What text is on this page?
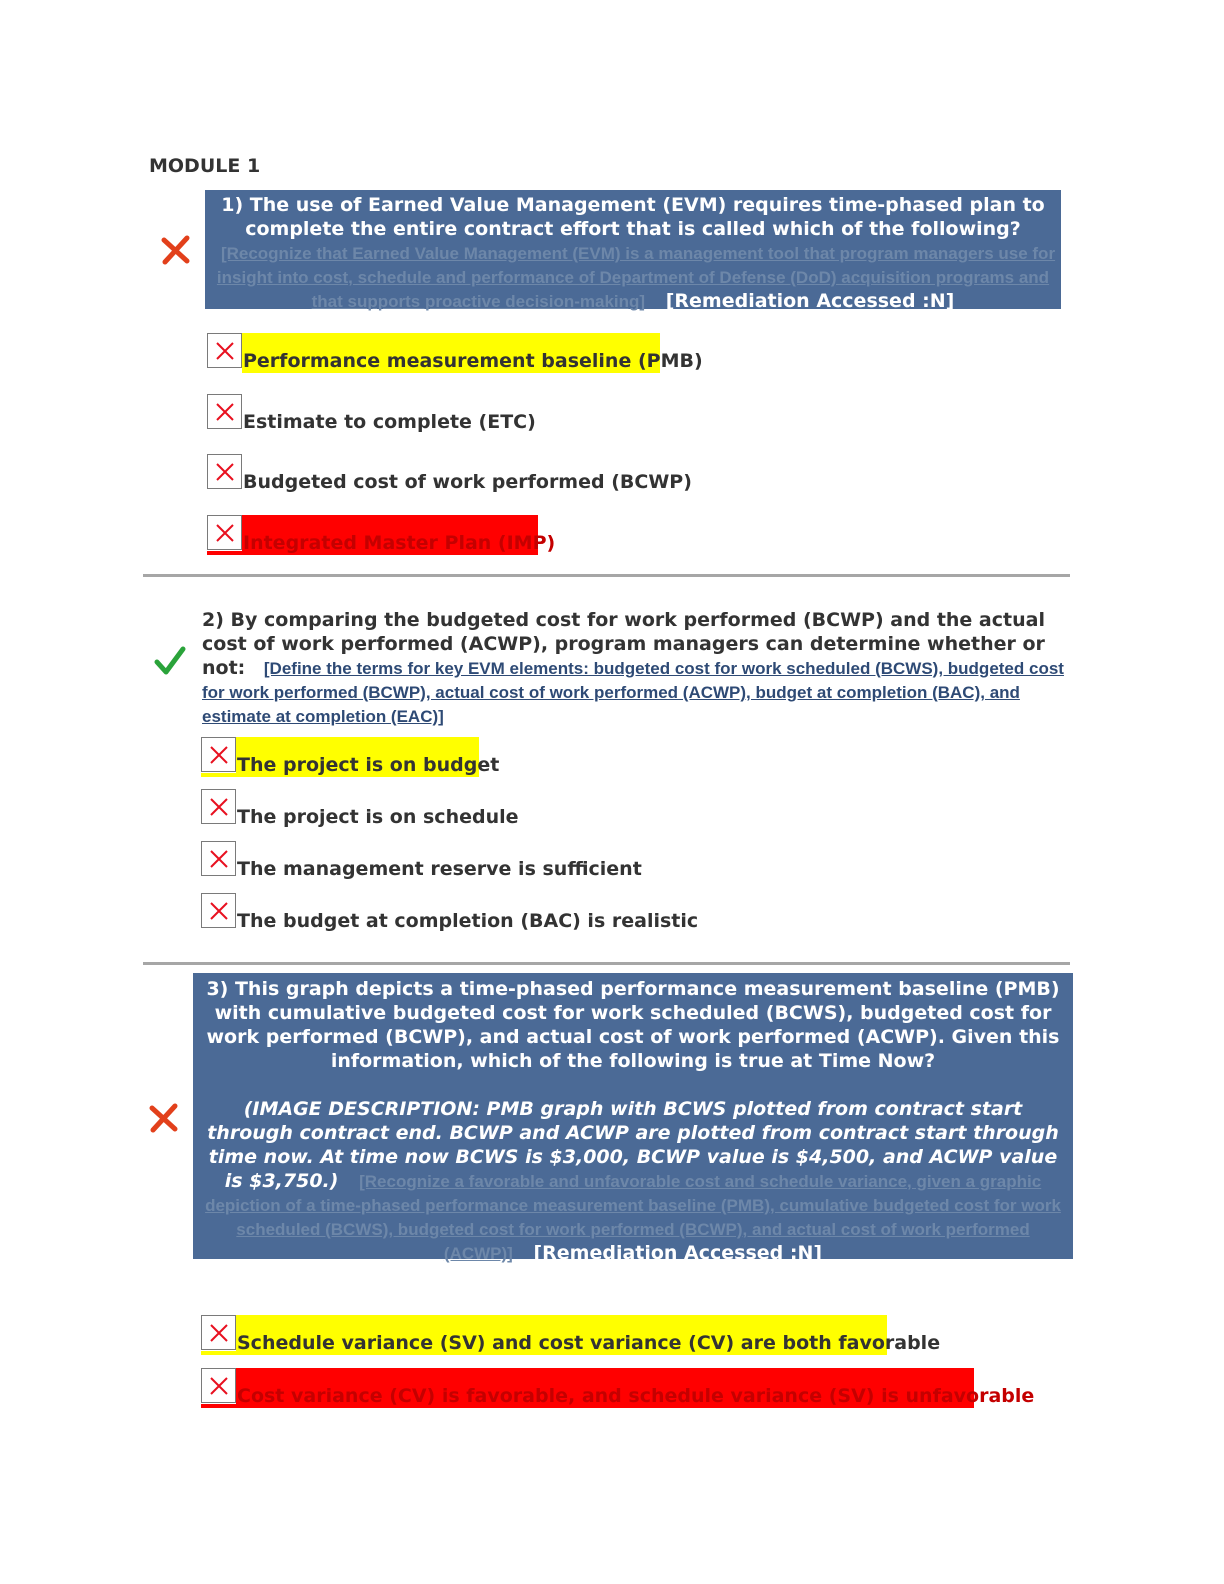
MODULE 1
1) The use of Earned Value Management (EVM) requires time-phased plan to complete the entire contract effort that is called which of the following? [Recognize that Earned Value Management (EVM) is a management tool that program managers use for insight into cost, schedule and performance of Department of Defense (DoD) acquisition programs and that supports proactive decision-making] [Remediation Accessed :N]
Performance measurement baseline (PMB)
Estimate to complete (ETC)
Budgeted cost of work performed (BCWP)
Integrated Master Plan (IMP)
2) By comparing the budgeted cost for work performed (BCWP) and the actual cost of work performed (ACWP), program managers can determine whether or not: [Define the terms for key EVM elements: budgeted cost for work scheduled (BCWS), budgeted cost for work performed (BCWP), actual cost of work performed (ACWP), budget at completion (BAC), and estimate at completion (EAC)]
The project is on budget
The project is on schedule
The management reserve is sufficient
The budget at completion (BAC) is realistic
3) This graph depicts a time-phased performance measurement baseline (PMB) with cumulative budgeted cost for work scheduled (BCWS), budgeted cost for work performed (BCWP), and actual cost of work performed (ACWP). Given this information, which of the following is true at Time Now?
(IMAGE DESCRIPTION: PMB graph with BCWS plotted from contract start through contract end. BCWP and ACWP are plotted from contract start through time now. At time now BCWS is $3,000, BCWP value is $4,500, and ACWP value is $3,750.) [Recognize a favorable and unfavorable cost and schedule variance, given a graphic depiction of a time-phased performance measurement baseline (PMB), cumulative budgeted cost for work scheduled (BCWS), budgeted cost for work performed (BCWP), and actual cost of work performed (ACWP)] [Remediation Accessed :N]
Schedule variance (SV) and cost variance (CV) are both favorable
Cost variance (CV) is favorable, and schedule variance (SV) is unfavorable
